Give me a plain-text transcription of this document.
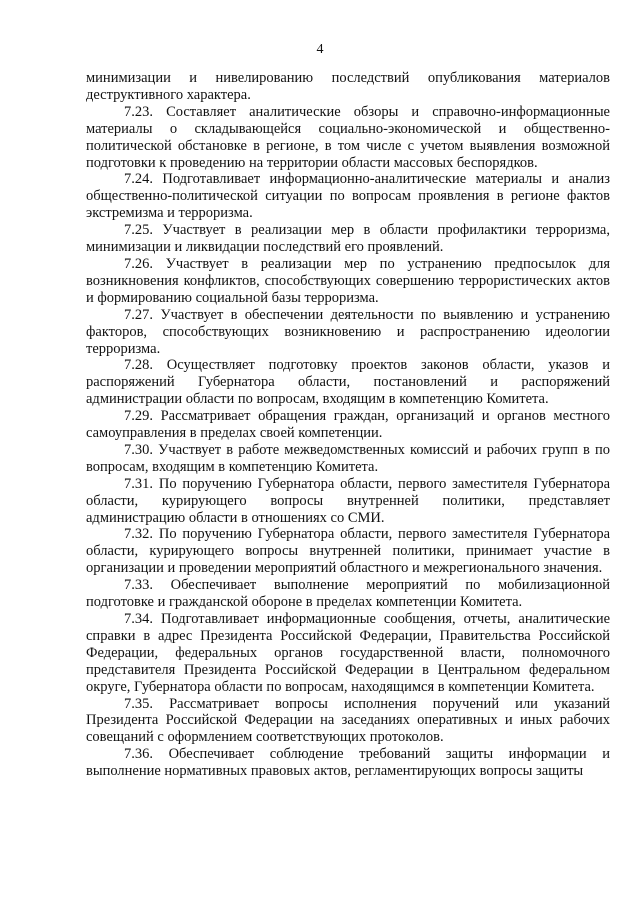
4

минимизации и нивелированию последствий опубликования материалов деструктивного характера.

7.23. Составляет аналитические обзоры и справочно-информационные материалы о складывающейся социально-экономической и общественно-политической обстановке в регионе, в том числе с учетом выявления возможной подготовки к проведению на территории области массовых беспорядков.

7.24. Подготавливает информационно-аналитические материалы и анализ общественно-политической ситуации по вопросам проявления в регионе фактов экстремизма и терроризма.

7.25. Участвует в реализации мер в области профилактики терроризма, минимизации и ликвидации последствий его проявлений.

7.26. Участвует в реализации мер по устранению предпосылок для возникновения конфликтов, способствующих совершению террористических актов и формированию социальной базы терроризма.

7.27. Участвует в обеспечении деятельности по выявлению и устранению факторов, способствующих возникновению и распространению идеологии терроризма.

7.28. Осуществляет подготовку проектов законов области, указов и распоряжений Губернатора области, постановлений и распоряжений администрации области по вопросам, входящим в компетенцию Комитета.

7.29. Рассматривает обращения граждан, организаций и органов местного самоуправления в пределах своей компетенции.

7.30. Участвует в работе межведомственных комиссий и рабочих групп в по вопросам, входящим в компетенцию Комитета.

7.31. По поручению Губернатора области, первого заместителя Губернатора области, курирующего вопросы внутренней политики, представляет администрацию области в отношениях со СМИ.

7.32. По поручению Губернатора области, первого заместителя Губернатора области, курирующего вопросы внутренней политики, принимает участие в организации и проведении мероприятий областного и межрегионального значения.

7.33. Обеспечивает выполнение мероприятий по мобилизационной подготовке и гражданской обороне в пределах компетенции Комитета.

7.34. Подготавливает информационные сообщения, отчеты, аналитические справки в адрес Президента Российской Федерации, Правительства Российской Федерации, федеральных органов государственной власти, полномочного представителя Президента Российской Федерации в Центральном федеральном округе, Губернатора области по вопросам, находящимся в компетенции Комитета.

7.35. Рассматривает вопросы исполнения поручений или указаний Президента Российской Федерации на заседаниях оперативных и иных рабочих совещаний с оформлением соответствующих протоколов.

7.36. Обеспечивает соблюдение требований защиты информации и выполнение нормативных правовых актов, регламентирующих вопросы защиты
